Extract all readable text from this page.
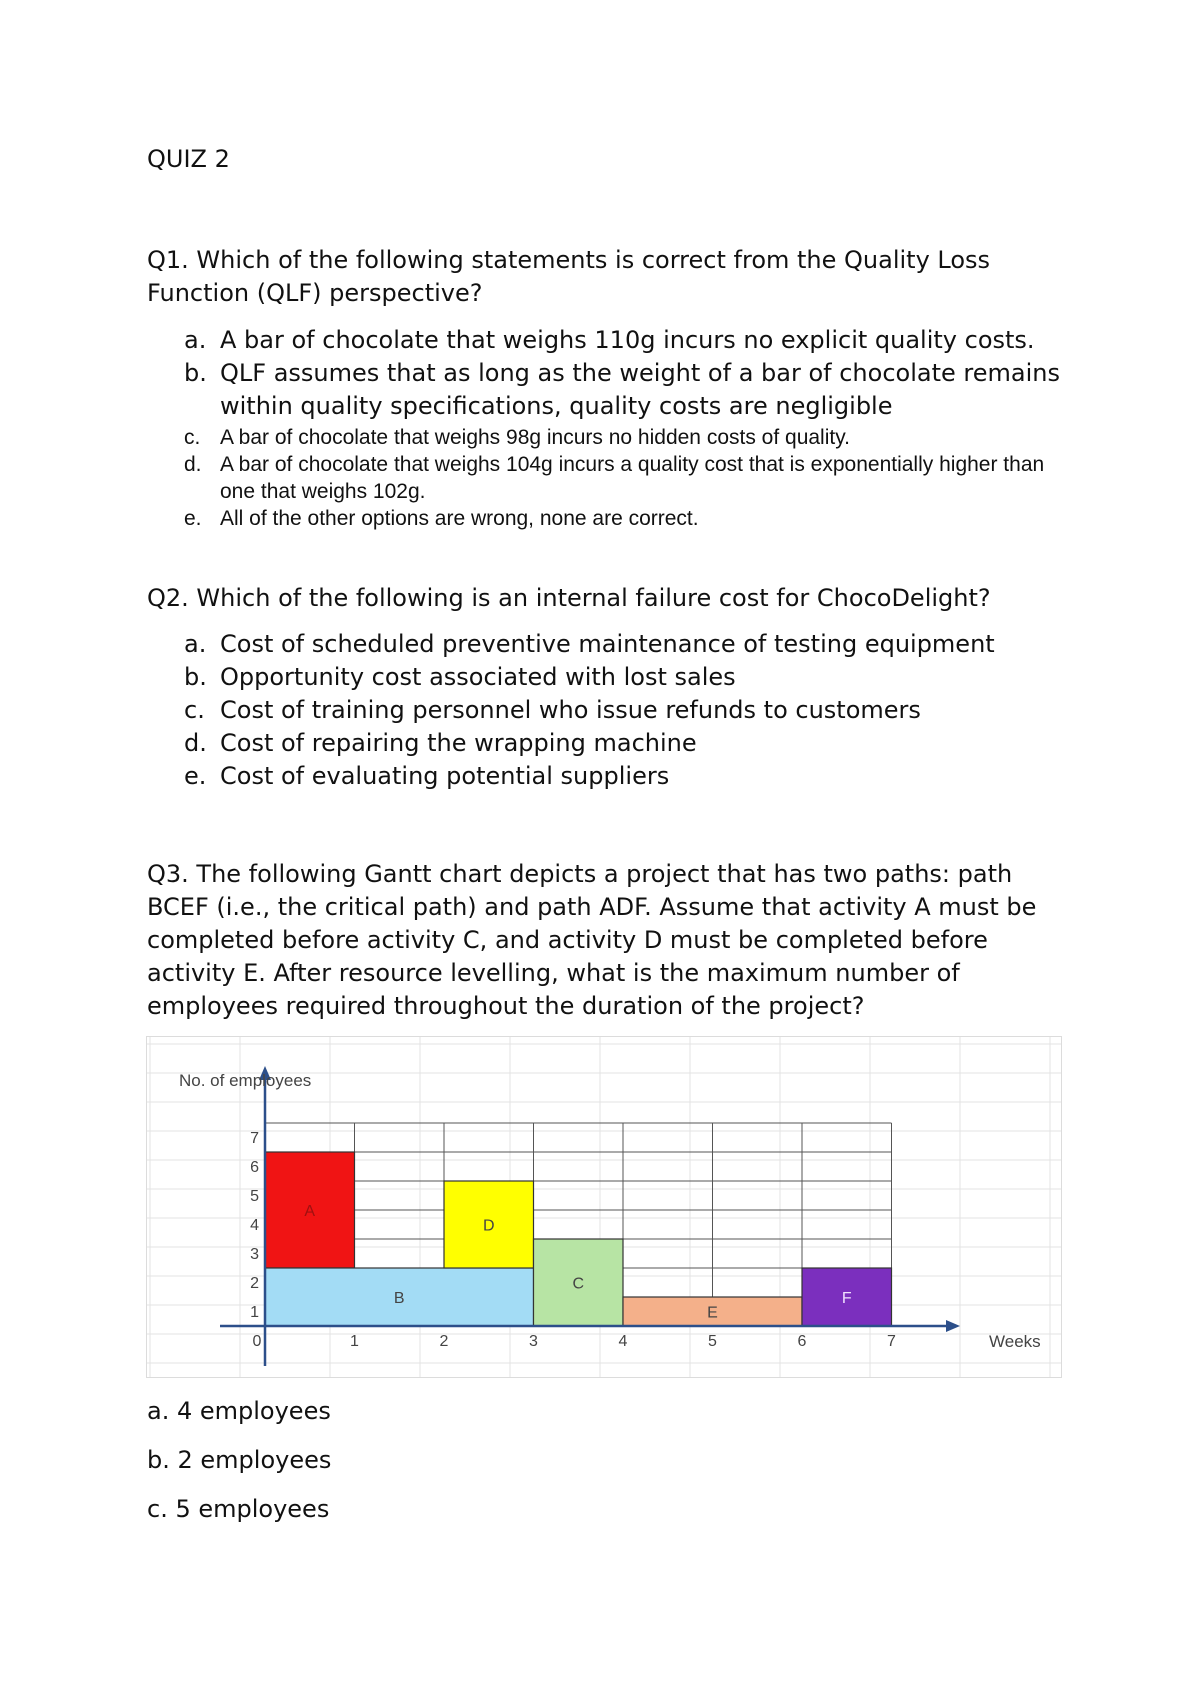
QUIZ 2
Q1. Which of the following statements is correct from the Quality Loss Function (QLF) perspective?
a. A bar of chocolate that weighs 110g incurs no explicit quality costs.
b. QLF assumes that as long as the weight of a bar of chocolate remains within quality specifications, quality costs are negligible
c. A bar of chocolate that weighs 98g incurs no hidden costs of quality.
d. A bar of chocolate that weighs 104g incurs a quality cost that is exponentially higher than one that weighs 102g.
e. All of the other options are wrong, none are correct.
Q2. Which of the following is an internal failure cost for ChocoDelight?
a. Cost of scheduled preventive maintenance of testing equipment
b. Opportunity cost associated with lost sales
c. Cost of training personnel who issue refunds to customers
d. Cost of repairing the wrapping machine
e. Cost of evaluating potential suppliers
Q3. The following Gantt chart depicts a project that has two paths: path BCEF (i.e., the critical path) and path ADF. Assume that activity A must be completed before activity C, and activity D must be completed before activity E. After resource levelling, what is the maximum number of employees required throughout the duration of the project?
A
B
D
C
E
F
0	1	2	3	4	5	6	7
1
2
3
4
5
6
7
No. of employees
Weeks
a. 4 employees
b. 2 employees
c. 5 employees
